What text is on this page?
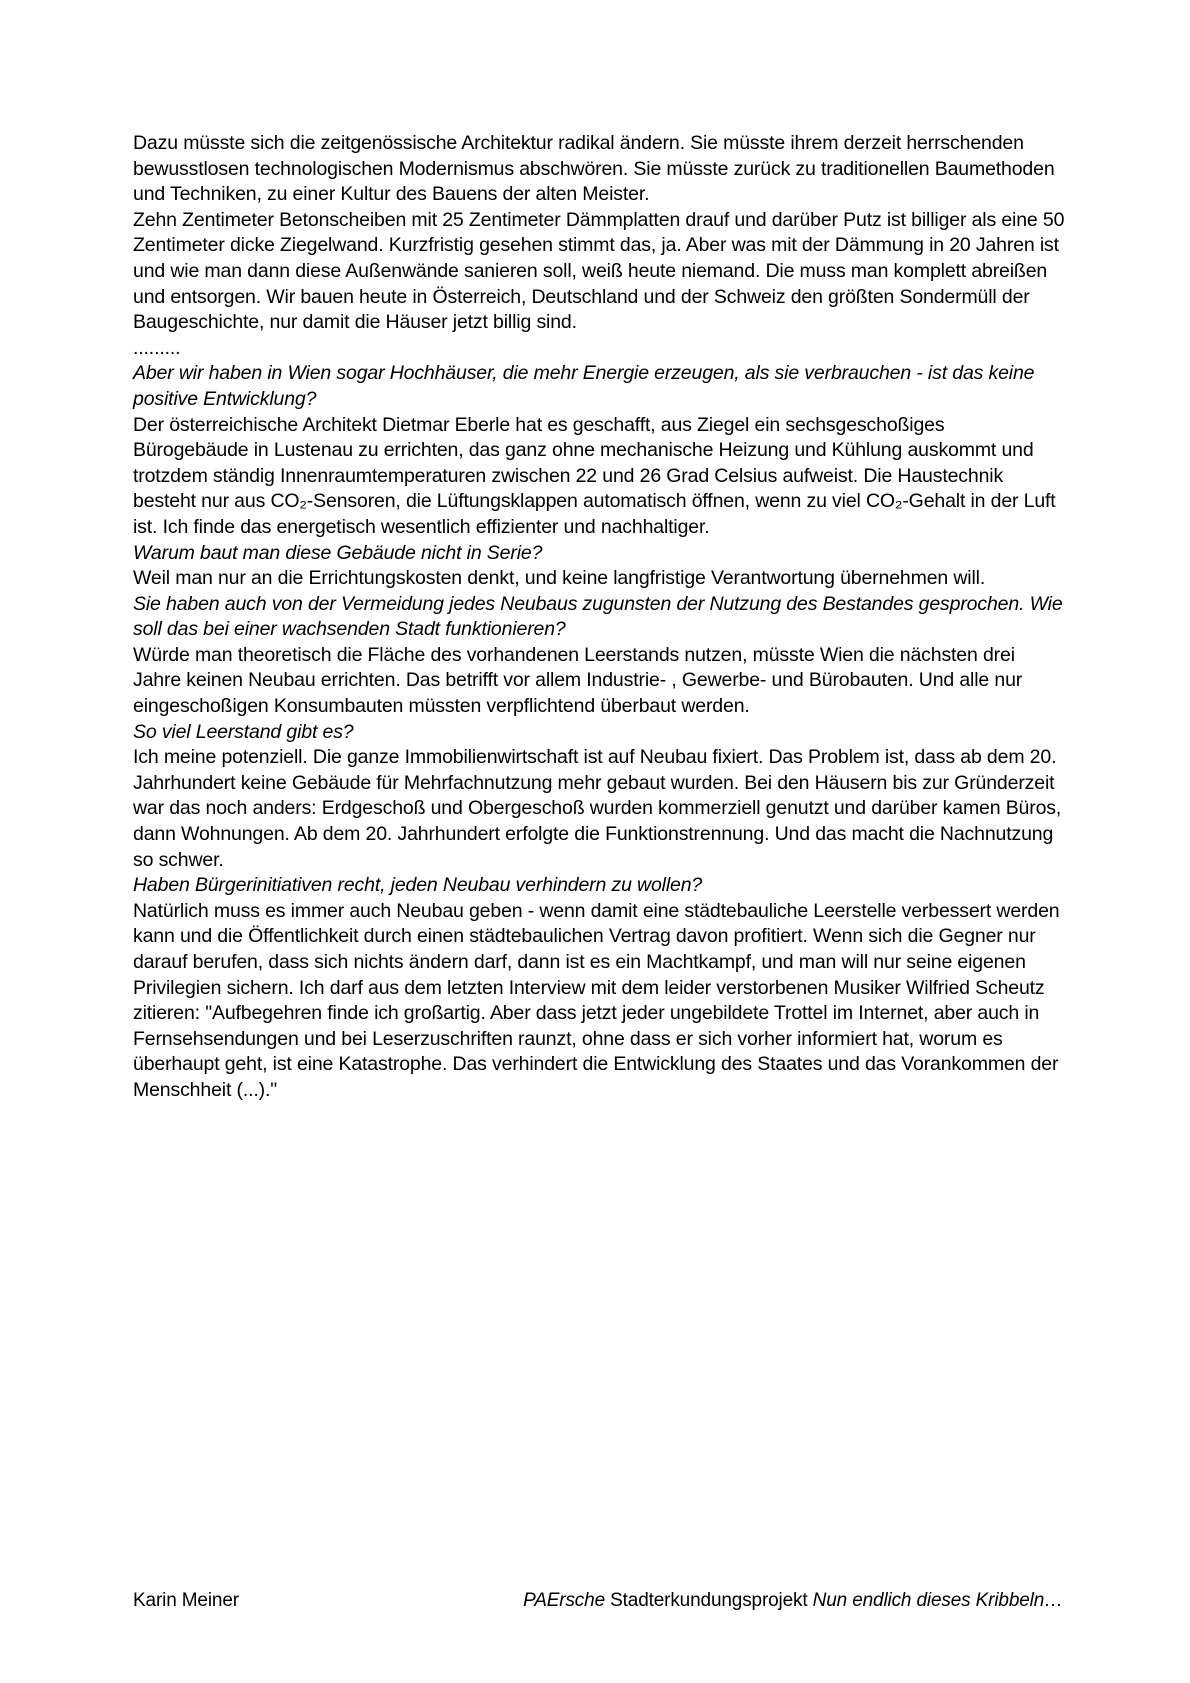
Dazu müsste sich die zeitgenössische Architektur radikal ändern. Sie müsste ihrem derzeit herrschenden bewusstlosen technologischen Modernismus abschwören. Sie müsste zurück zu traditionellen Baumethoden und Techniken, zu einer Kultur des Bauens der alten Meister.

Zehn Zentimeter Betonscheiben mit 25 Zentimeter Dämmplatten drauf und darüber Putz ist billiger als eine 50 Zentimeter dicke Ziegelwand. Kurzfristig gesehen stimmt das, ja. Aber was mit der Dämmung in 20 Jahren ist und wie man dann diese Außenwände sanieren soll, weiß heute niemand. Die muss man komplett abreißen und entsorgen. Wir bauen heute in Österreich, Deutschland und der Schweiz den größten Sondermüll der Baugeschichte, nur damit die Häuser jetzt billig sind.

.........

Aber wir haben in Wien sogar Hochhäuser, die mehr Energie erzeugen, als sie verbrauchen - ist das keine positive Entwicklung?

Der österreichische Architekt Dietmar Eberle hat es geschafft, aus Ziegel ein sechsgeschoßiges Bürogebäude in Lustenau zu errichten, das ganz ohne mechanische Heizung und Kühlung auskommt und trotzdem ständig Innenraumtemperaturen zwischen 22 und 26 Grad Celsius aufweist. Die Haustechnik besteht nur aus CO₂-Sensoren, die Lüftungsklappen automatisch öffnen, wenn zu viel CO₂-Gehalt in der Luft ist. Ich finde das energetisch wesentlich effizienter und nachhaltiger.

Warum baut man diese Gebäude nicht in Serie?

Weil man nur an die Errichtungskosten denkt, und keine langfristige Verantwortung übernehmen will.

Sie haben auch von der Vermeidung jedes Neubaus zugunsten der Nutzung des Bestandes gesprochen. Wie soll das bei einer wachsenden Stadt funktionieren?

Würde man theoretisch die Fläche des vorhandenen Leerstands nutzen, müsste Wien die nächsten drei Jahre keinen Neubau errichten. Das betrifft vor allem Industrie- , Gewerbe- und Bürobauten. Und alle nur eingeschoßigen Konsumbauten müssten verpflichtend überbaut werden.

So viel Leerstand gibt es?

Ich meine potenziell. Die ganze Immobilienwirtschaft ist auf Neubau fixiert. Das Problem ist, dass ab dem 20. Jahrhundert keine Gebäude für Mehrfachnutzung mehr gebaut wurden. Bei den Häusern bis zur Gründerzeit war das noch anders: Erdgeschoß und Obergeschoß wurden kommerziell genutzt und darüber kamen Büros, dann Wohnungen. Ab dem 20. Jahrhundert erfolgte die Funktionstrennung. Und das macht die Nachnutzung so schwer.

Haben Bürgerinitiativen recht, jeden Neubau verhindern zu wollen?

Natürlich muss es immer auch Neubau geben - wenn damit eine städtebauliche Leerstelle verbessert werden kann und die Öffentlichkeit durch einen städtebaulichen Vertrag davon profitiert. Wenn sich die Gegner nur darauf berufen, dass sich nichts ändern darf, dann ist es ein Machtkampf, und man will nur seine eigenen Privilegien sichern. Ich darf aus dem letzten Interview mit dem leider verstorbenen Musiker Wilfried Scheutz zitieren: "Aufbegehren finde ich großartig. Aber dass jetzt jeder ungebildete Trottel im Internet, aber auch in Fernsehsendungen und bei Leserzuschriften raunzt, ohne dass er sich vorher informiert hat, worum es überhaupt geht, ist eine Katastrophe. Das verhindert die Entwicklung des Staates und das Vorankommen der Menschheit (...)."

Karin Meiner	PAErsche Stadterkundungsprojekt Nun endlich dieses Kribbeln…
